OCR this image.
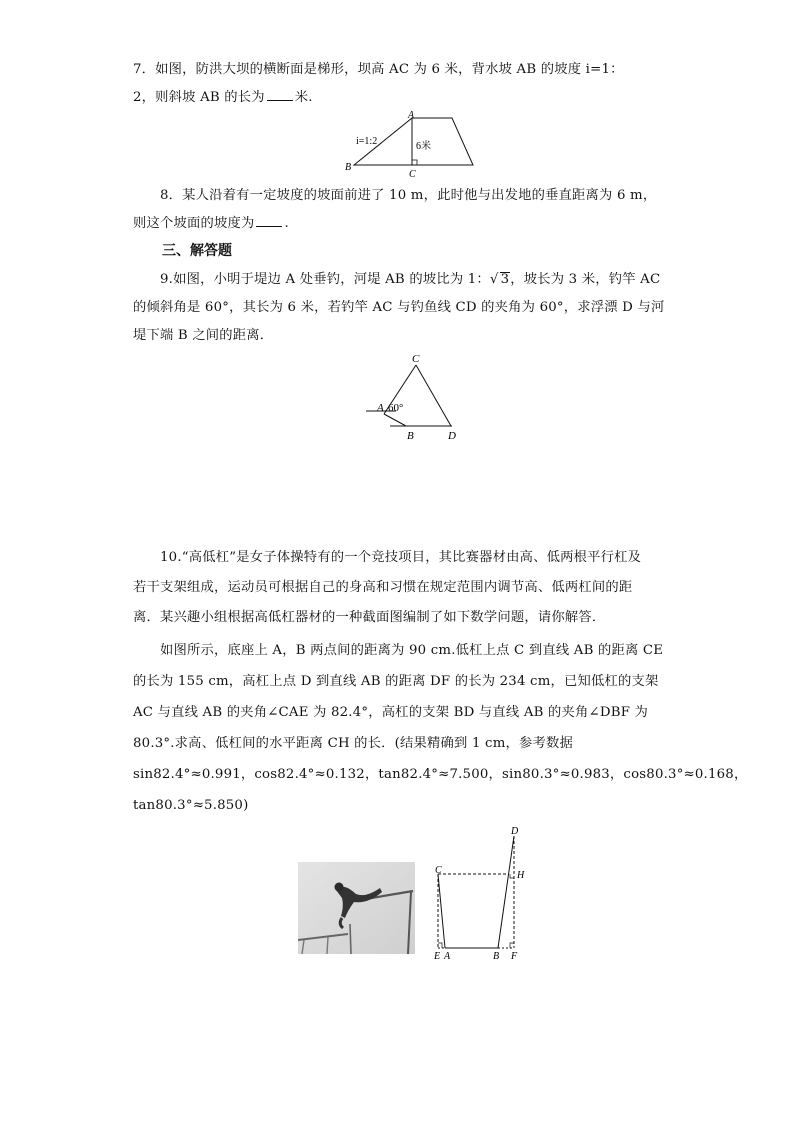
7．如图，防洪大坝的横断面是梯形，坝高 AC 为 6 米，背水坡 AB 的坡度 i=1：
2，则斜坡 AB 的长为 米.
i=1:2	6米
A
B
C
8．某人沿着有一定坡度的坡面前进了 10 m，此时他与出发地的垂直距离为 6 m，
则这个坡面的坡度为 .
三、解答题
9.如图，小明于堤边 A 处垂钓，河堤 AB 的坡比为 1：√ 3，坡长为 3 米，钓竿 AC
的倾斜角是 60°，其长为 6 米，若钓竿 AC 与钓鱼线 CD 的夹角为 60°，求浮漂 D 与河
堤下端 B 之间的距离．
C
A 60°
B	D
10.“高低杠”是女子体操特有的一个竞技项目，其比赛器材由高、低两根平行杠及
若干支架组成，运动员可根据自己的身高和习惯在规定范围内调节高、低两杠间的距
离．某兴趣小组根据高低杠器材的一种截面图编制了如下数学问题，请你解答．
如图所示，底座上 A，B 两点间的距离为 90 cm.低杠上点 C 到直线 AB 的距离 CE
的长为 155 cm，高杠上点 D 到直线 AB 的距离 DF 的长为 234 cm，已知低杠的支架
AC 与直线 AB 的夹角∠CAE 为 82.4°，高杠的支架 BD 与直线 AB 的夹角∠DBF 为
80.3°.求高、低杠间的水平距离 CH 的长．(结果精确到 1 cm，参考数据
sin82.4°≈0.991，cos82.4°≈0.132，tan82.4°≈7.500，sin80.3°≈0.983，cos80.3°≈0.168，
tan80.3°≈5.850)
D
C	H
E A	B F
